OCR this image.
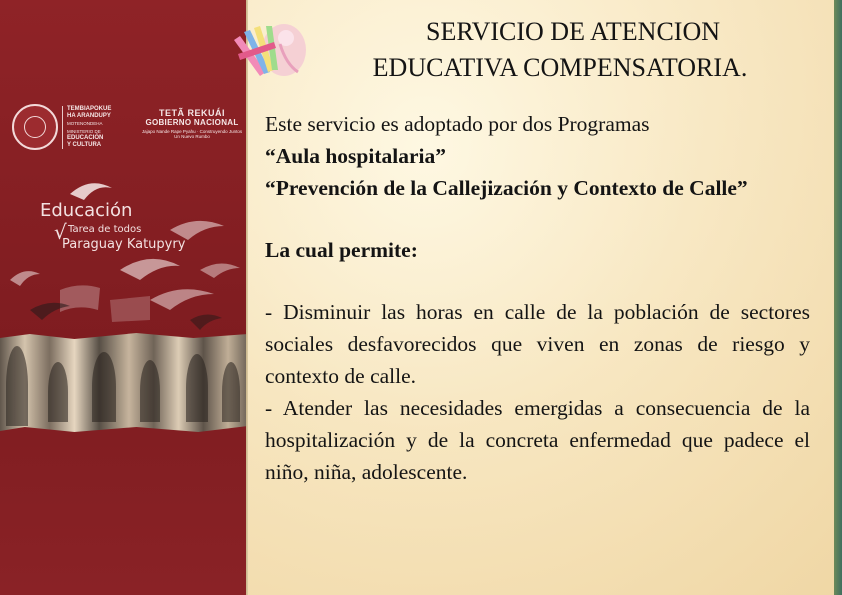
TEMBIAPOKUE
HA ARANDUPY
MOTENONDEHA
MINISTERIO DE
EDUCACIÓN
Y CULTURA
TETÃ REKUÁI
GOBIERNO NACIONAL
Jajapo Nande Rape Pyahu · Construyendo Juntos Un Nuevo Rumbo
Educación
√ Tarea de todos
Paraguay Katupyry
SERVICIO DE ATENCION
EDUCATIVA COMPENSATORIA.
Este servicio es adoptado por dos Programas
“Aula hospitalaria”
“Prevención de la Callejización y Contexto de Calle”
La cual permite:
- Disminuir las horas en calle de la población de sectores sociales desfavorecidos que viven en zonas de riesgo y contexto de calle.
- Atender las necesidades emergidas a consecuencia de la hospitalización y de la concreta enfermedad que padece el niño, niña, adolescente.
